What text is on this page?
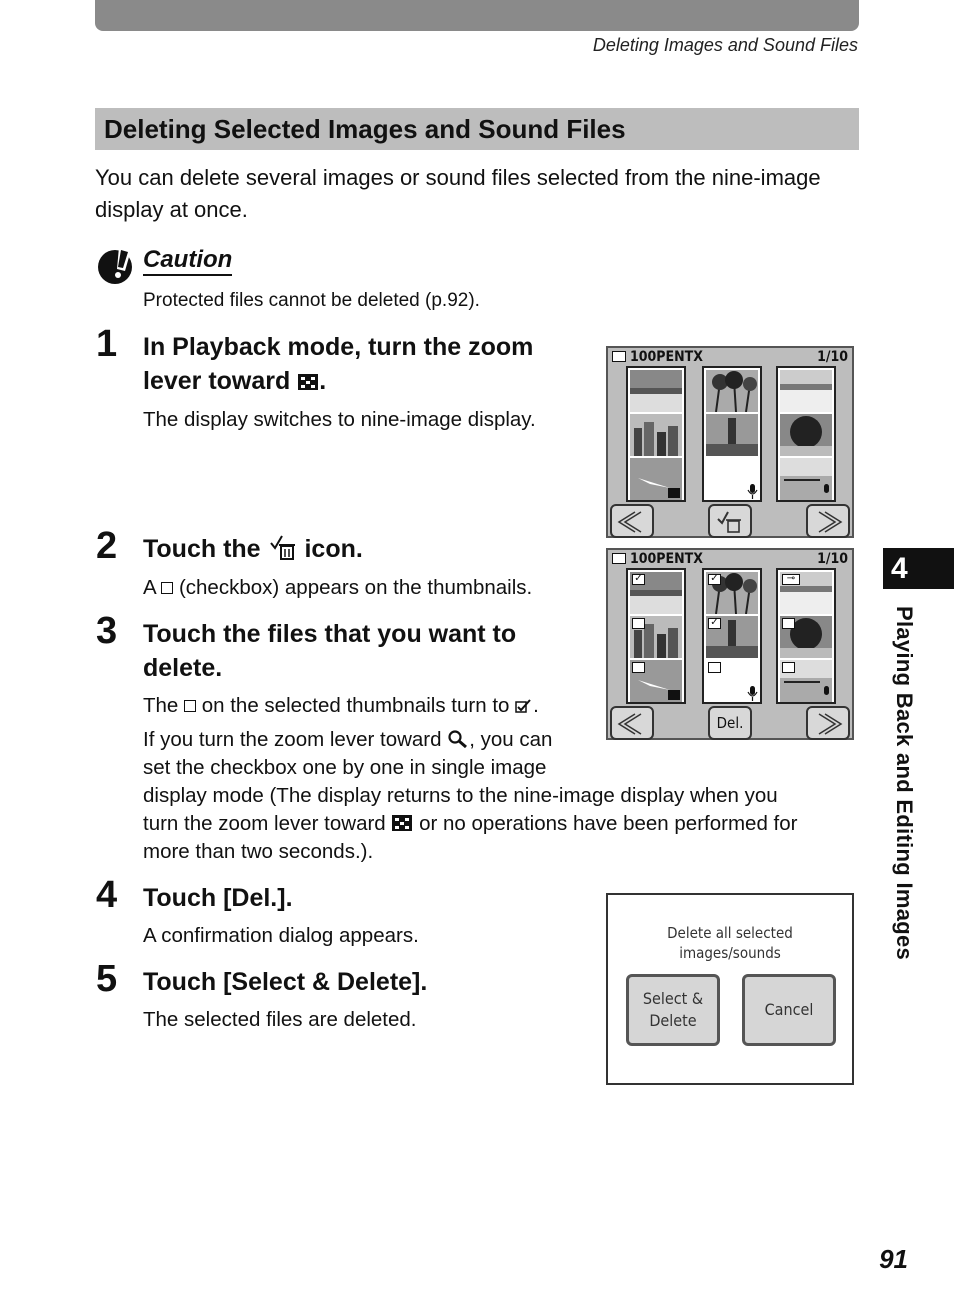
Deleting Images and Sound Files
Deleting Selected Images and Sound Files
You can delete several images or sound files selected from the nine-image display at once.
Caution
Protected files cannot be deleted (p.92).
1 In Playback mode, turn the zoom
lever toward .
The display switches to nine-image display.
2 Touch the icon.
A (checkbox) appears on the thumbnails.
3 Touch the files that you want to
delete.
The on the selected thumbnails turn to .
If you turn the zoom lever toward , you can
set the checkbox one by one in single image
display mode (The display returns to the nine-image display when you
turn the zoom lever toward or no operations have been performed for
more than two seconds.).
4 Touch [Del.].
A confirmation dialog appears.
5 Touch [Select & Delete].
The selected files are deleted.
100PENTX	1/10
100PENTX	1/10
✓	✓
✓
⊸
Del.
Delete all selected
images/sounds
Select &
Delete
Cancel
4
Playing Back and Editing Images
91
